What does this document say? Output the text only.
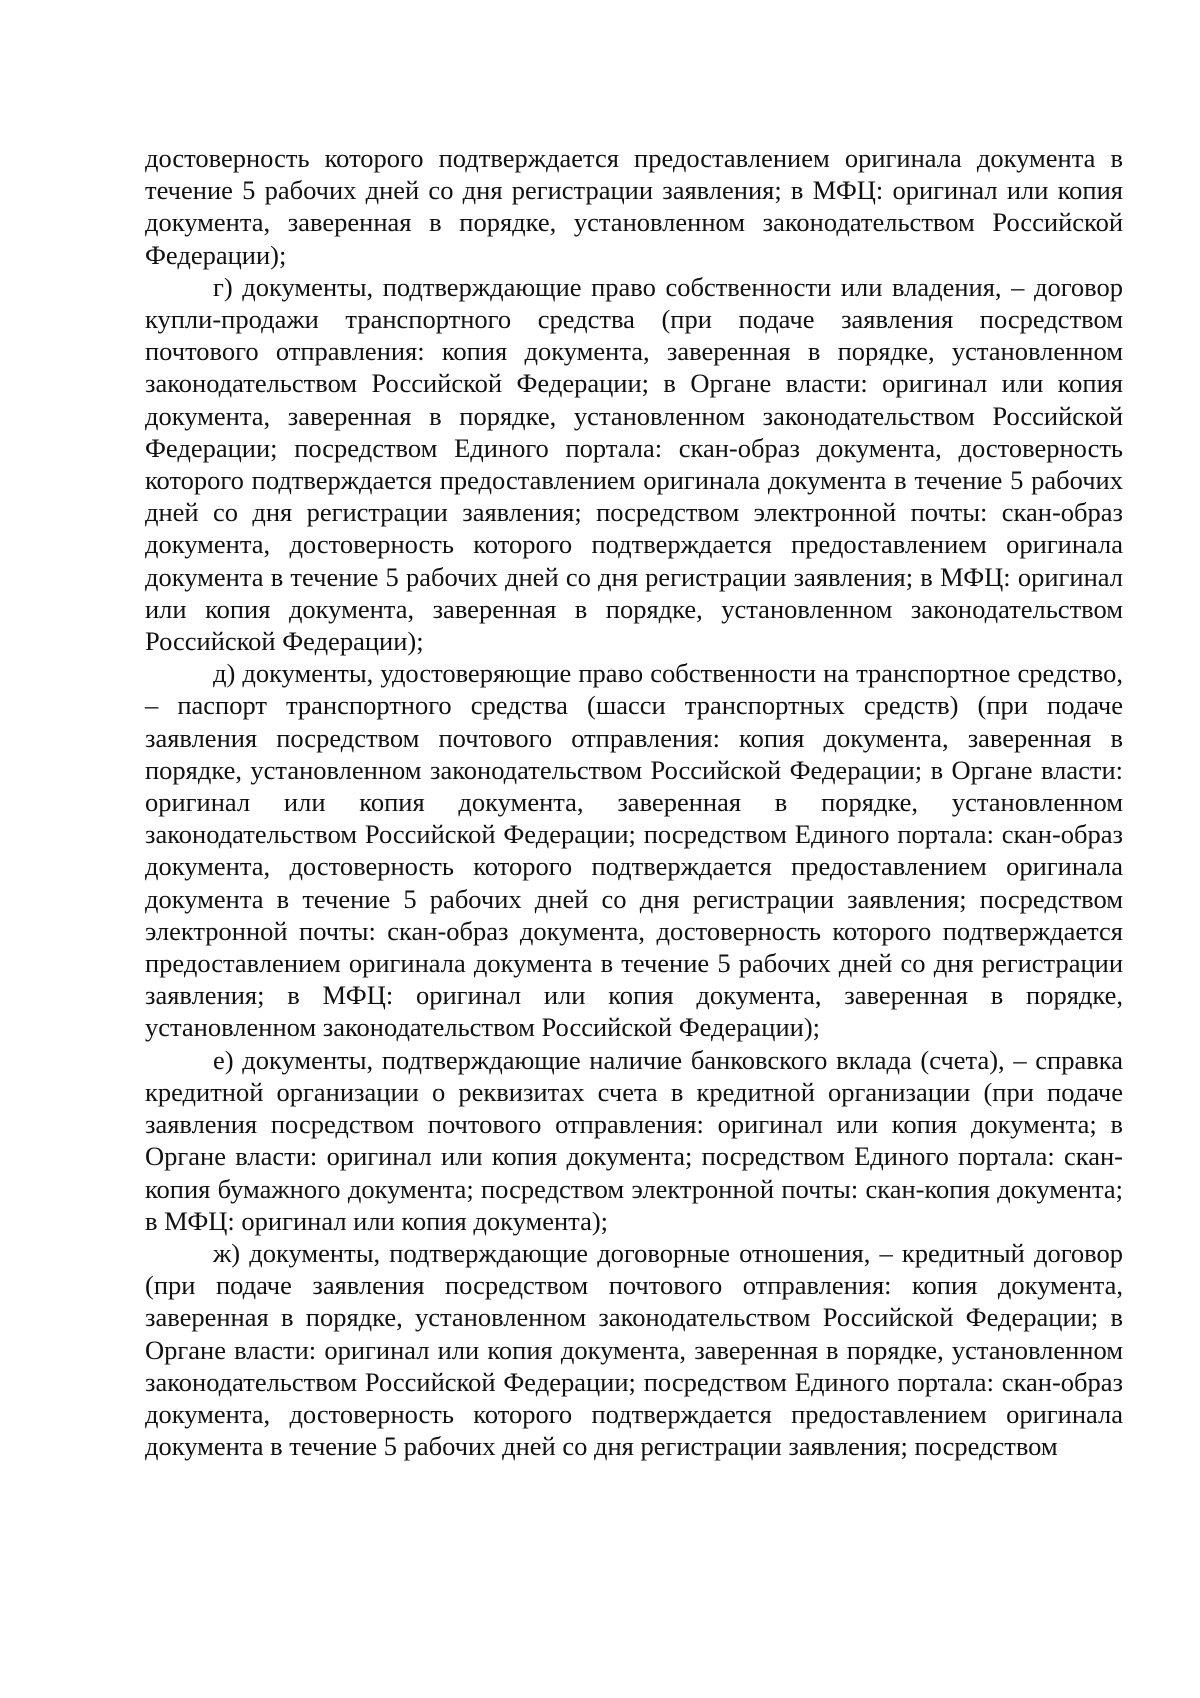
достоверность которого подтверждается предоставлением оригинала документа в течение 5 рабочих дней со дня регистрации заявления; в МФЦ: оригинал или копия документа, заверенная в порядке, установленном законодательством Российской Федерации);

г) документы, подтверждающие право собственности или владения, – договор купли-продажи транспортного средства (при подаче заявления посредством почтового отправления: копия документа, заверенная в порядке, установленном законодательством Российской Федерации; в Органе власти: оригинал или копия документа, заверенная в порядке, установленном законодательством Российской Федерации; посредством Единого портала: скан-образ документа, достоверность которого подтверждается предоставлением оригинала документа в течение 5 рабочих дней со дня регистрации заявления; посредством электронной почты: скан-образ документа, достоверность которого подтверждается предоставлением оригинала документа в течение 5 рабочих дней со дня регистрации заявления; в МФЦ: оригинал или копия документа, заверенная в порядке, установленном законодательством Российской Федерации);

д) документы, удостоверяющие право собственности на транспортное средство, – паспорт транспортного средства (шасси транспортных средств) (при подаче заявления посредством почтового отправления: копия документа, заверенная в порядке, установленном законодательством Российской Федерации; в Органе власти: оригинал или копия документа, заверенная в порядке, установленном законодательством Российской Федерации; посредством Единого портала: скан-образ документа, достоверность которого подтверждается предоставлением оригинала документа в течение 5 рабочих дней со дня регистрации заявления; посредством электронной почты: скан-образ документа, достоверность которого подтверждается предоставлением оригинала документа в течение 5 рабочих дней со дня регистрации заявления; в МФЦ: оригинал или копия документа, заверенная в порядке, установленном законодательством Российской Федерации);

е) документы, подтверждающие наличие банковского вклада (счета), – справка кредитной организации о реквизитах счета в кредитной организации (при подаче заявления посредством почтового отправления: оригинал или копия документа; в Органе власти: оригинал или копия документа; посредством Единого портала: скан-копия бумажного документа; посредством электронной почты: скан-копия документа; в МФЦ: оригинал или копия документа);

ж) документы, подтверждающие договорные отношения, – кредитный договор (при подаче заявления посредством почтового отправления: копия документа, заверенная в порядке, установленном законодательством Российской Федерации; в Органе власти: оригинал или копия документа, заверенная в порядке, установленном законодательством Российской Федерации; посредством Единого портала: скан-образ документа, достоверность которого подтверждается предоставлением оригинала документа в течение 5 рабочих дней со дня регистрации заявления; посредством
